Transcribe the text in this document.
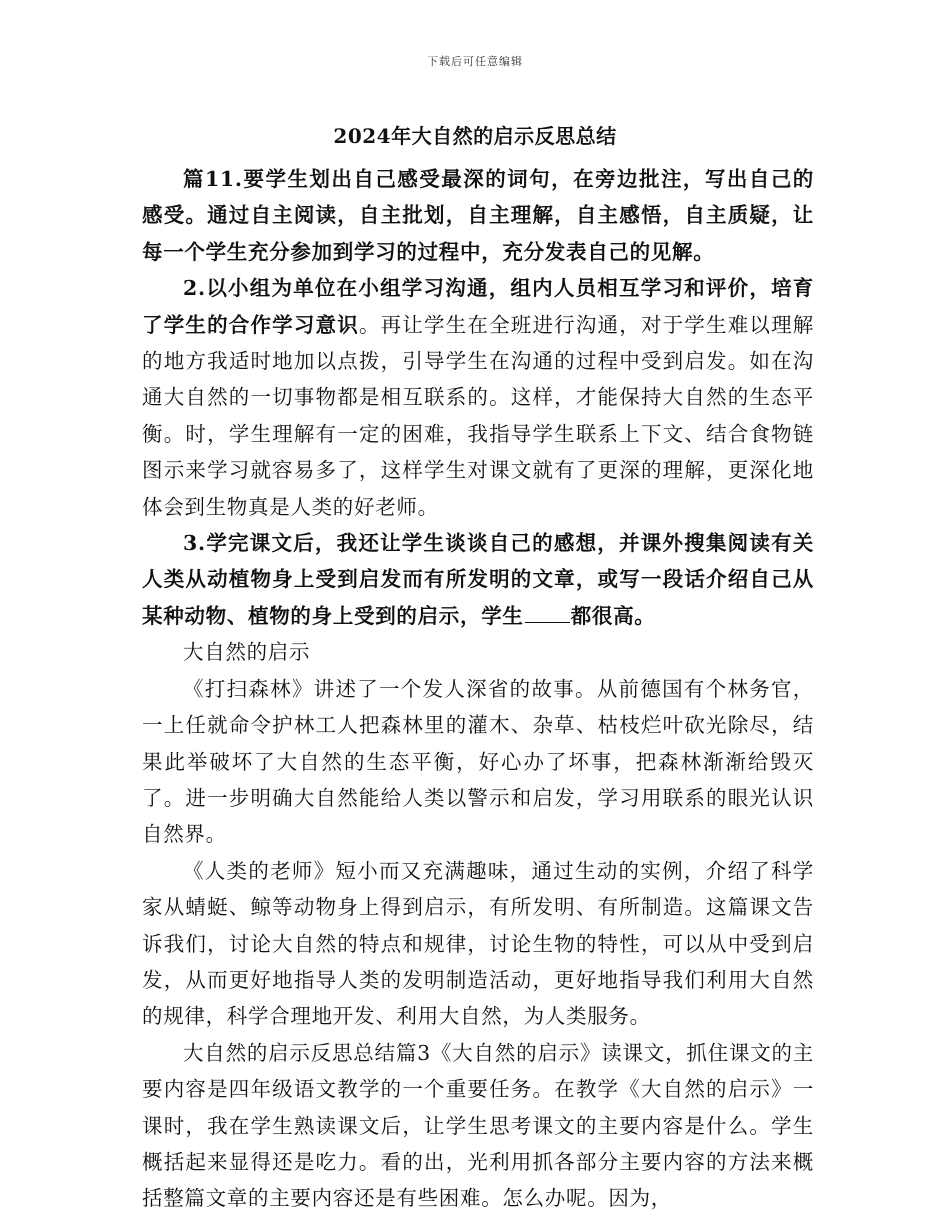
下载后可任意编辑
2024年大自然的启示反思总结

篇11.要学生划出自己感受最深的词句，在旁边批注，写出自己的感受。通过自主阅读，自主批划，自主理解，自主感悟，自主质疑，让每一个学生充分参加到学习的过程中，充分发表自己的见解。

2.以小组为单位在小组学习沟通，组内人员相互学习和评价，培育了学生的合作学习意识。再让学生在全班进行沟通，对于学生难以理解的地方我适时地加以点拨，引导学生在沟通的过程中受到启发。如在沟通大自然的一切事物都是相互联系的。这样，才能保持大自然的生态平衡。时，学生理解有一定的困难，我指导学生联系上下文、结合食物链图示来学习就容易多了，这样学生对课文就有了更深的理解，更深化地体会到生物真是人类的好老师。

3.学完课文后，我还让学生谈谈自己的感想，并课外搜集阅读有关人类从动植物身上受到启发而有所发明的文章，或写一段话介绍自己从某种动物、植物的身上受到的启示，学生 都很高。

大自然的启示

《打扫森林》讲述了一个发人深省的故事。从前德国有个林务官，一上任就命令护林工人把森林里的灌木、杂草、枯枝烂叶砍光除尽，结果此举破坏了大自然的生态平衡，好心办了坏事，把森林渐渐给毁灭了。进一步明确大自然能给人类以警示和启发，学习用联系的眼光认识自然界。

《人类的老师》短小而又充满趣味，通过生动的实例，介绍了科学家从蜻蜓、鲸等动物身上得到启示，有所发明、有所制造。这篇课文告诉我们，讨论大自然的特点和规律，讨论生物的特性，可以从中受到启发，从而更好地指导人类的发明制造活动，更好地指导我们利用大自然的规律，科学合理地开发、利用大自然，为人类服务。

大自然的启示反思总结篇3《大自然的启示》读课文，抓住课文的主要内容是四年级语文教学的一个重要任务。在教学《大自然的启示》一课时，我在学生熟读课文后，让学生思考课文的主要内容是什么。学生概括起来显得还是吃力。看的出，光利用抓各部分主要内容的方法来概括整篇文章的主要内容还是有些困难。怎么办呢。因为，
